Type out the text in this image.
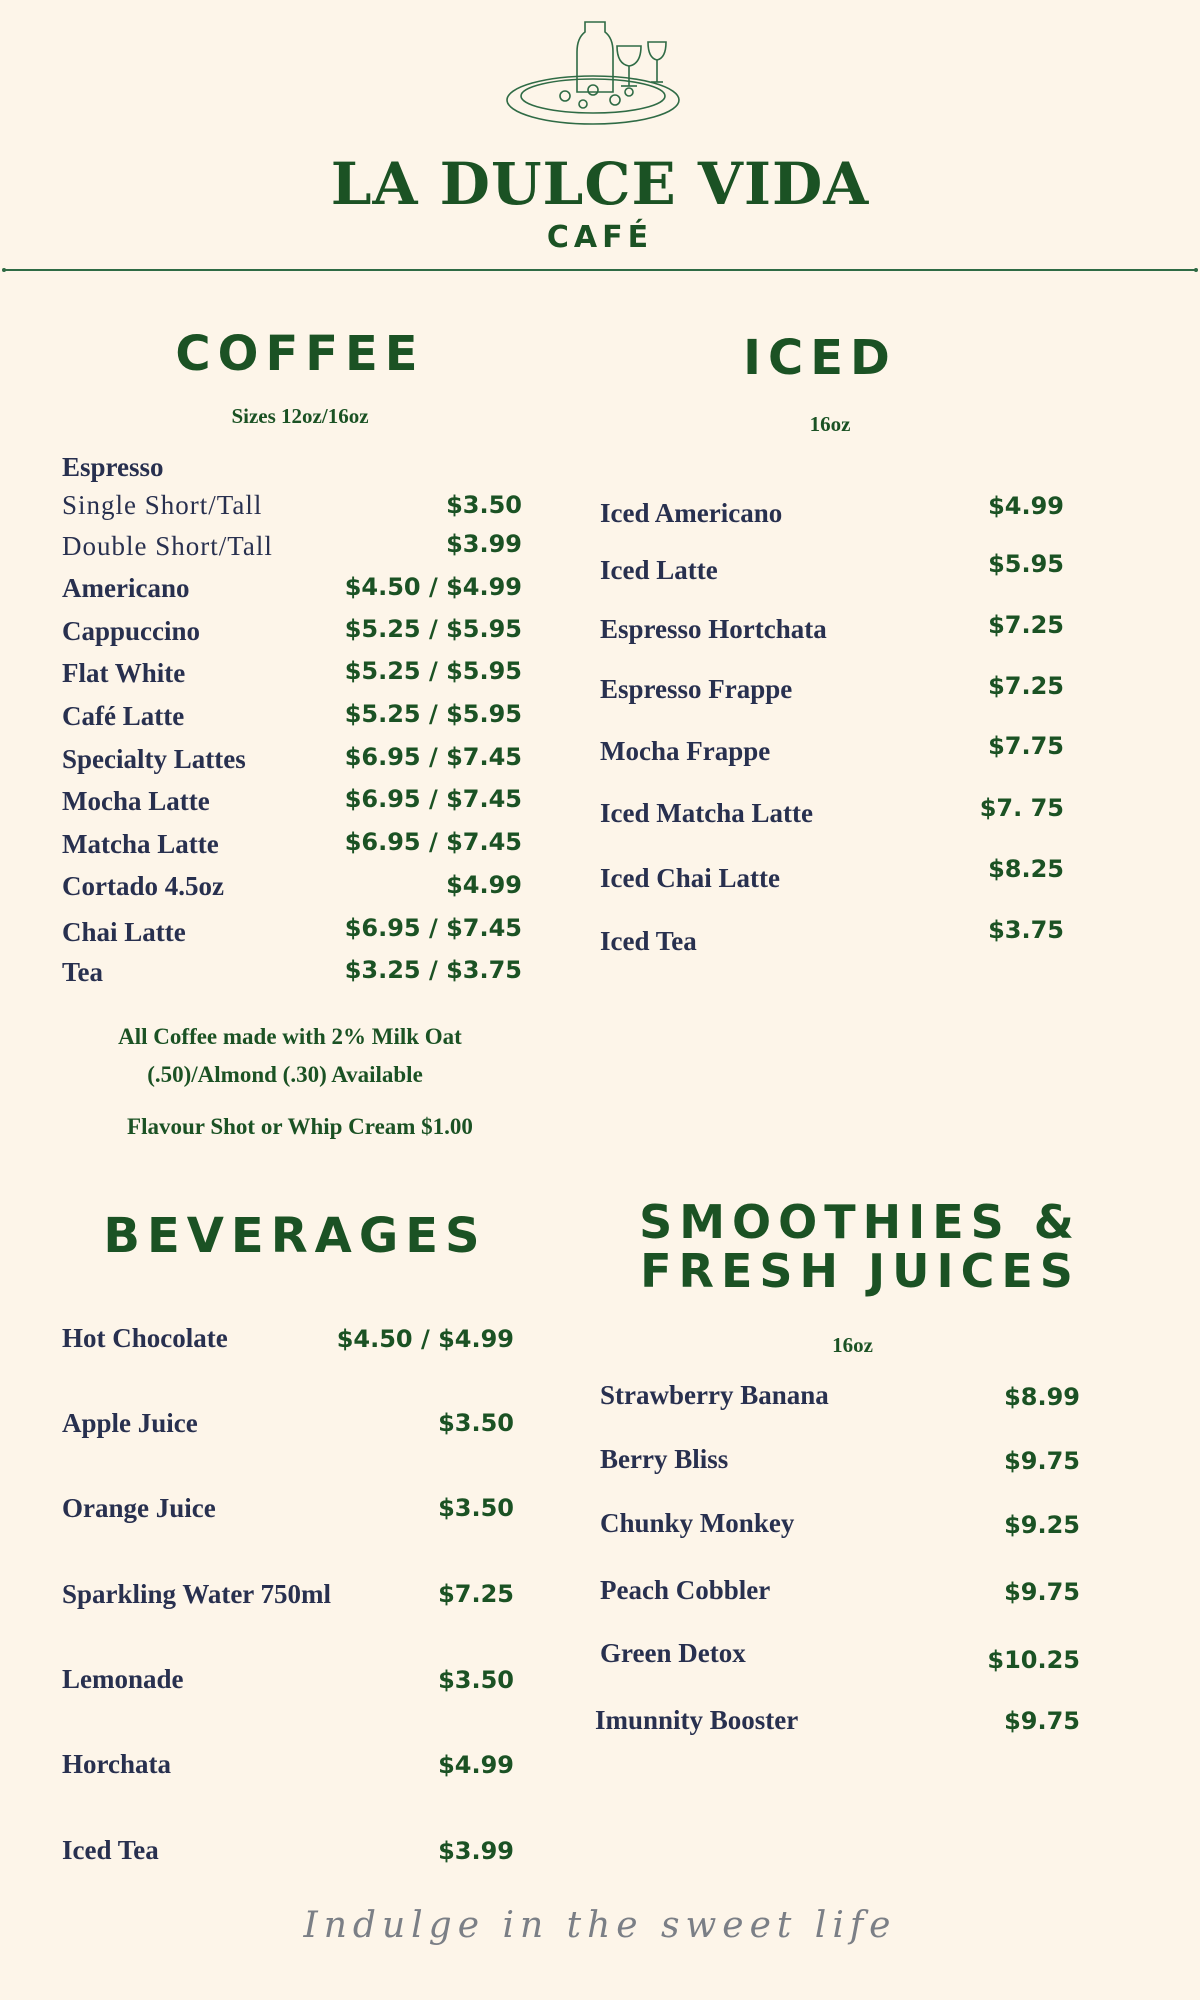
LA DULCE VIDA
CAFÉ
COFFEE
Sizes 12oz/16oz
Espresso
Single Short/Tall	$3.50
Double Short/Tall	$3.99
Americano	$4.50 / $4.99
Cappuccino	$5.25 / $5.95
Flat White	$5.25 / $5.95
Café Latte	$5.25 / $5.95
Specialty Lattes	$6.95 / $7.45
Mocha Latte	$6.95 / $7.45
Matcha Latte	$6.95 / $7.45
Cortado 4.5oz	$4.99
Chai Latte	$6.95 / $7.45
Tea	$3.25 / $3.75
All Coffee made with 2% Milk Oat
(.50)/Almond (.30) Available
Flavour Shot or Whip Cream $1.00
ICED
16oz
Iced Americano	$4.99
Iced Latte	$5.95
Espresso Hortchata	$7.25
Espresso Frappe	$7.25
Mocha Frappe	$7.75
Iced Matcha Latte	$7. 75
Iced Chai Latte	$8.25
Iced Tea	$3.75
BEVERAGES
Hot Chocolate	$4.50 / $4.99
Apple Juice	$3.50
Orange Juice	$3.50
Sparkling Water 750ml	$7.25
Lemonade	$3.50
Horchata	$4.99
Iced Tea	$3.99
SMOOTHIES &
FRESH JUICES
16oz
Strawberry Banana	$8.99
Berry Bliss	$9.75
Chunky Monkey	$9.25
Peach Cobbler	$9.75
Green Detox	$10.25
Imunnity Booster	$9.75
Indulge in the sweet life
